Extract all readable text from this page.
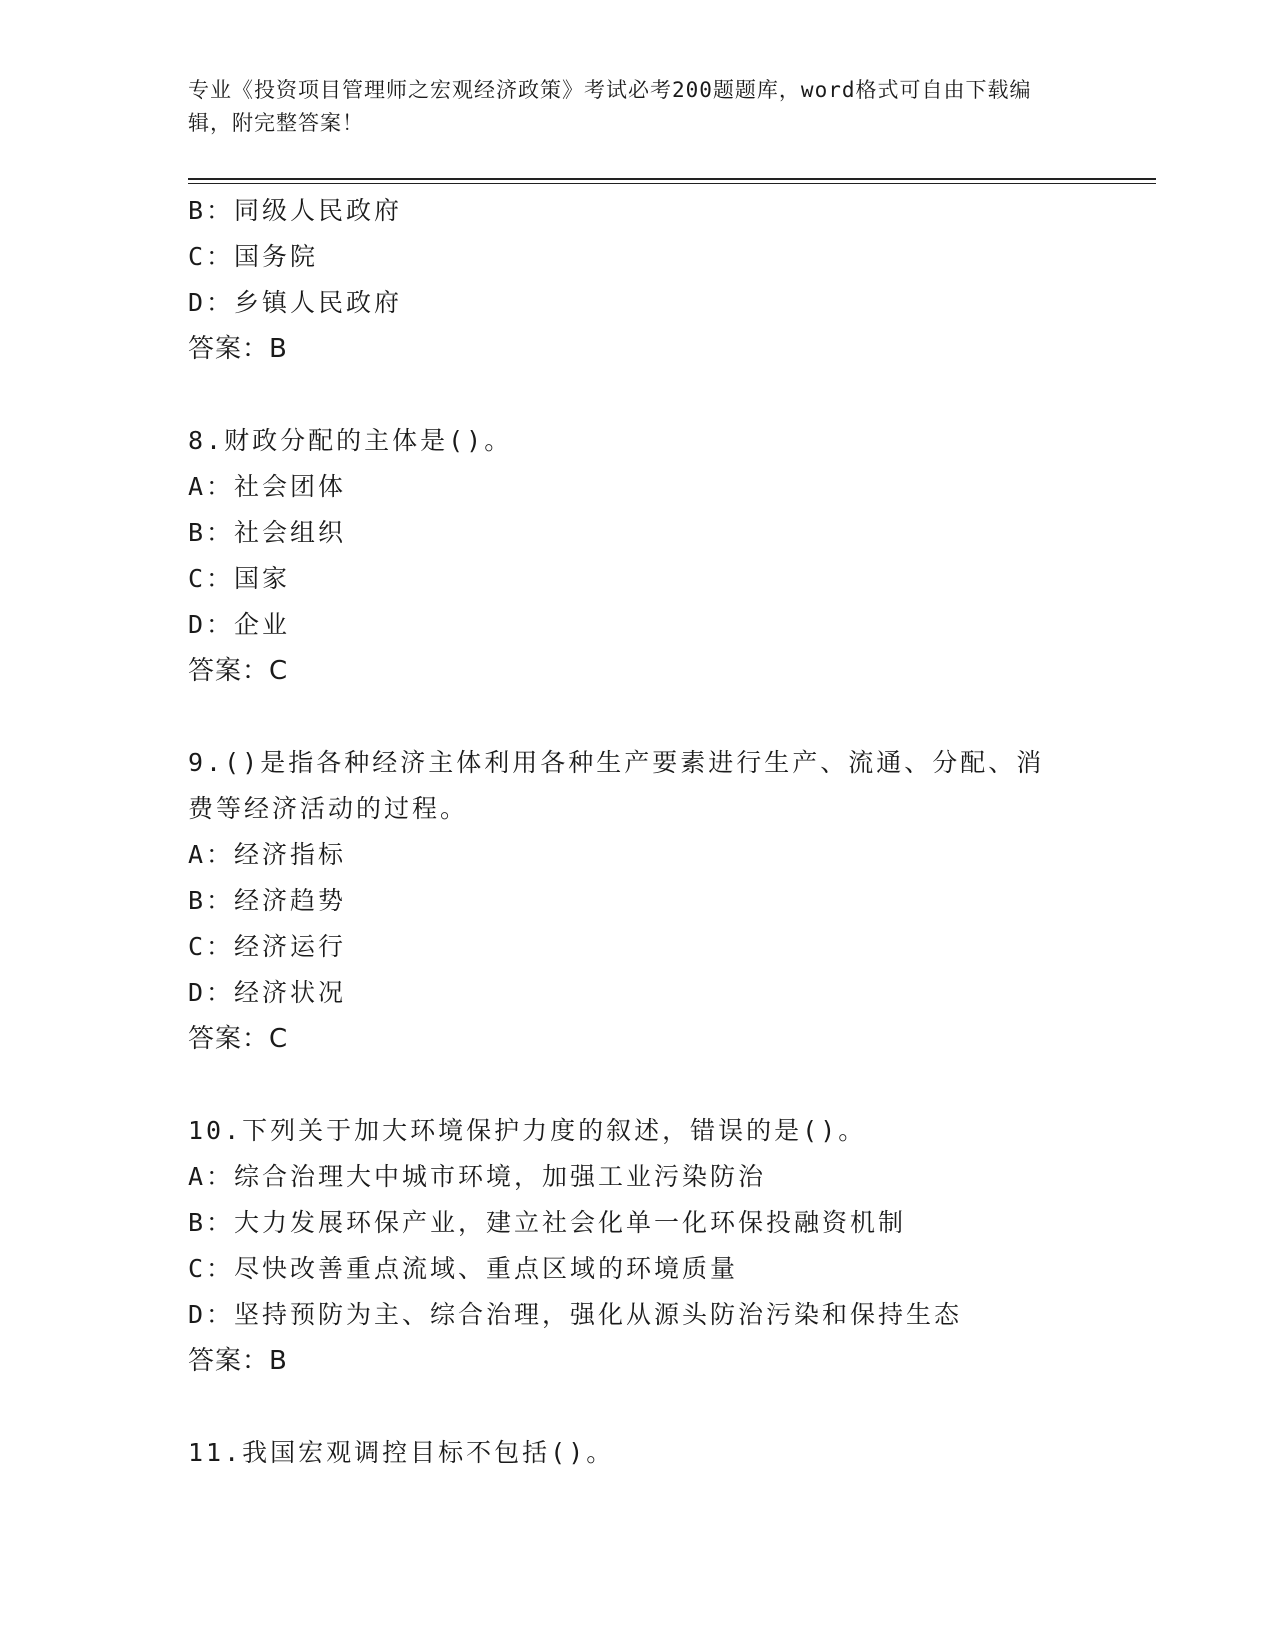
专业《投资项目管理师之宏观经济政策》考试必考200题题库，word格式可自由下载编辑，附完整答案！
B：同级人民政府
C：国务院
D：乡镇人民政府
答案：B
8.财政分配的主体是()。
A：社会团体
B：社会组织
C：国家
D：企业
答案：C
9.()是指各种经济主体利用各种生产要素进行生产、流通、分配、消费等经济活动的过程。
A：经济指标
B：经济趋势
C：经济运行
D：经济状况
答案：C
10.下列关于加大环境保护力度的叙述，错误的是()。
A：综合治理大中城市环境，加强工业污染防治
B：大力发展环保产业，建立社会化单一化环保投融资机制
C：尽快改善重点流域、重点区域的环境质量
D：坚持预防为主、综合治理，强化从源头防治污染和保持生态
答案：B
11.我国宏观调控目标不包括()。
